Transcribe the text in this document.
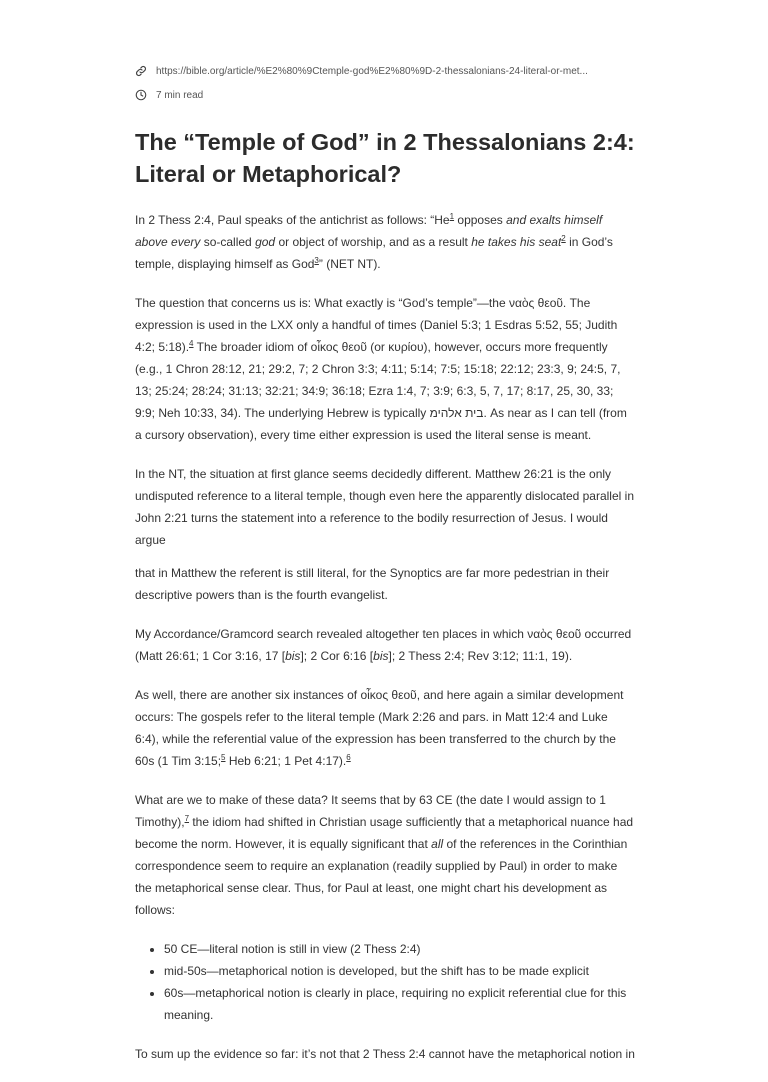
https://bible.org/article/%E2%80%9Ctemple-god%E2%80%9D-2-thessalonians-24-literal-or-met...
7 min read
The “Temple of God” in 2 Thessalonians 2:4: Literal or Metaphorical?

In 2 Thess 2:4, Paul speaks of the antichrist as follows: “He$^1$ opposes and exalts himself above every so-called god or object of worship, and as a result he takes his seat$^2$ in God’s temple, displaying himself as God$^3$” (NET NT).

The question that concerns us is: What exactly is “God’s temple”—the ναὸς θεοῦ. The expression is used in the LXX only a handful of times (Daniel 5:3; 1 Esdras 5:52, 55; Judith 4:2; 5:18).$^4$ The broader idiom of οἶκος θεοῦ (or κυρίου), however, occurs more frequently (e.g., 1 Chron 28:12, 21; 29:2, 7; 2 Chron 3:3; 4:11; 5:14; 7:5; 15:18; 22:12; 23:3, 9; 24:5, 7, 13; 25:24; 28:24; 31:13; 32:21; 34:9; 36:18; Ezra 1:4, 7; 3:9; 6:3, 5, 7, 17; 8:17, 25, 30, 33; 9:9; Neh 10:33, 34). The underlying Hebrew is typically בית אלהימ. As near as I can tell (from a cursory observation), every time either expression is used the literal sense is meant.

In the NT, the situation at first glance seems decidedly different. Matthew 26:21 is the only undisputed reference to a literal temple, though even here the apparently dislocated parallel in John 2:21 turns the statement into a reference to the bodily resurrection of Jesus. I would argue

that in Matthew the referent is still literal, for the Synoptics are far more pedestrian in their descriptive powers than is the fourth evangelist.

My Accordance/Gramcord search revealed altogether ten places in which ναὸς θεοῦ occurred (Matt 26:61; 1 Cor 3:16, 17 [bis]; 2 Cor 6:16 [bis]; 2 Thess 2:4; Rev 3:12; 11:1, 19).

As well, there are another six instances of οἶκος θεοῦ, and here again a similar development occurs: The gospels refer to the literal temple (Mark 2:26 and pars. in Matt 12:4 and Luke 6:4), while the referential value of the expression has been transferred to the church by the 60s (1 Tim 3:15;$^5$ Heb 6:21; 1 Pet 4:17).$^6$

What are we to make of these data? It seems that by 63 CE (the date I would assign to 1 Timothy),$^7$ the idiom had shifted in Christian usage sufficiently that a metaphorical nuance had become the norm. However, it is equally significant that all of the references in the Corinthian correspondence seem to require an explanation (readily supplied by Paul) in order to make the metaphorical sense clear. Thus, for Paul at least, one might chart his development as follows:

• 50 CE—literal notion is still in view (2 Thess 2:4)
• mid-50s—metaphorical notion is developed, but the shift has to be made explicit
• 60s—metaphorical notion is clearly in place, requiring no explicit referential clue for this meaning.

To sum up the evidence so far: it’s not that 2 Thess 2:4 cannot have the metaphorical notion in
